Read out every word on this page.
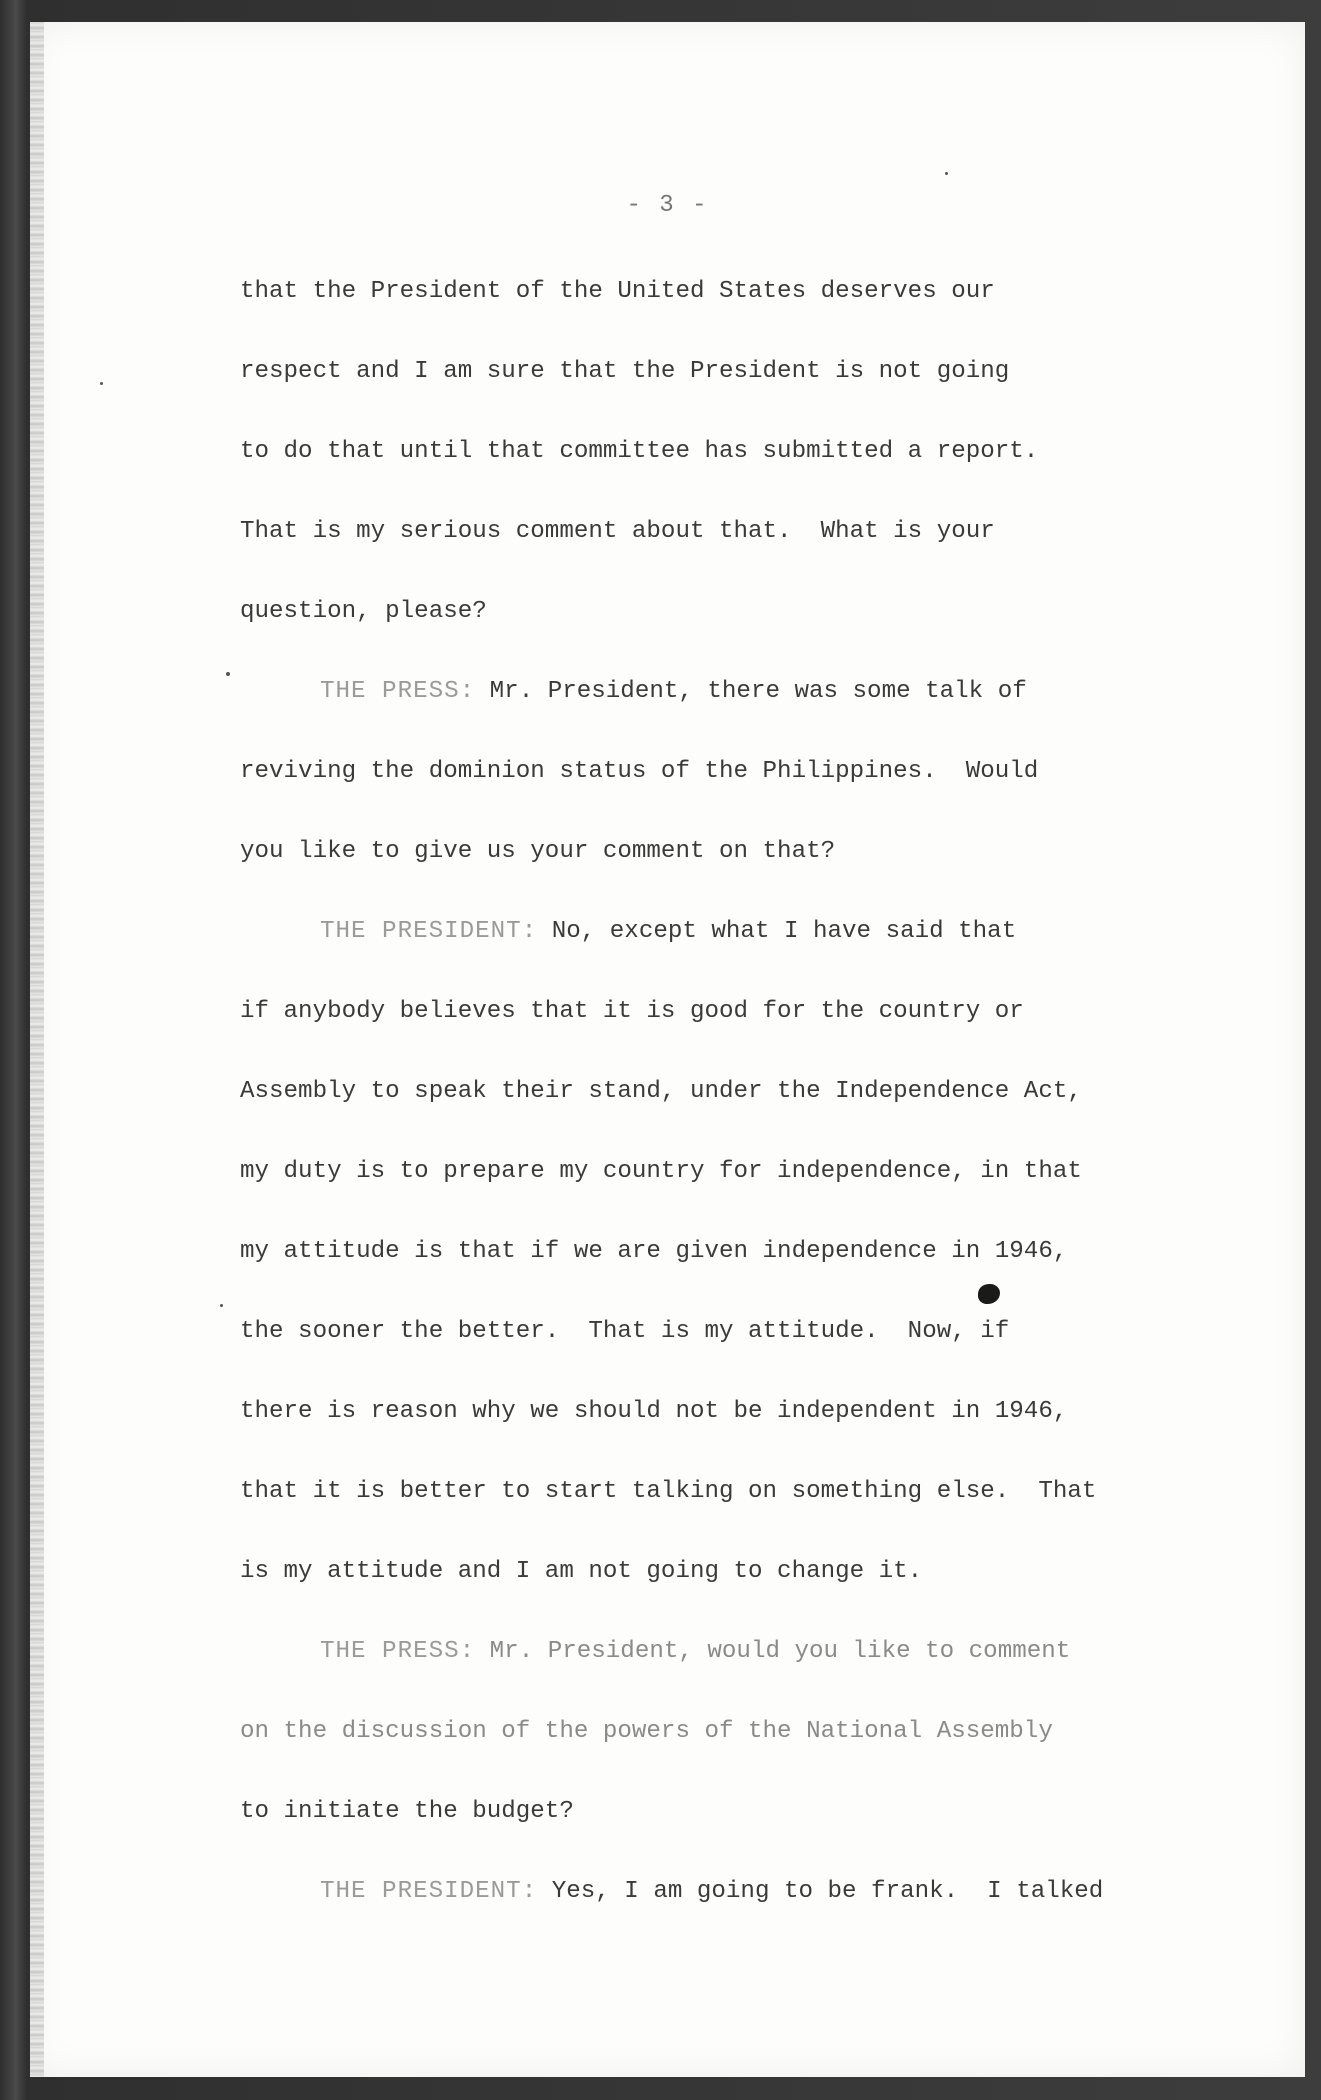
- 3 -
that the President of the United States deserves our
respect and I am sure that the President is not going
to do that until that committee has submitted a report.
That is my serious comment about that.  What is your
question, please?
THE PRESS: Mr. President, there was some talk of
reviving the dominion status of the Philippines.  Would
you like to give us your comment on that?
THE PRESIDENT: No, except what I have said that
if anybody believes that it is good for the country or
Assembly to speak their stand, under the Independence Act,
my duty is to prepare my country for independence, in that
my attitude is that if we are given independence in 1946,
the sooner the better.  That is my attitude.  Now, if
there is reason why we should not be independent in 1946,
that it is better to start talking on something else.  That
is my attitude and I am not going to change it.
THE PRESS: Mr. President, would you like to comment
on the discussion of the powers of the National Assembly
to initiate the budget?
THE PRESIDENT: Yes, I am going to be frank.  I talked
